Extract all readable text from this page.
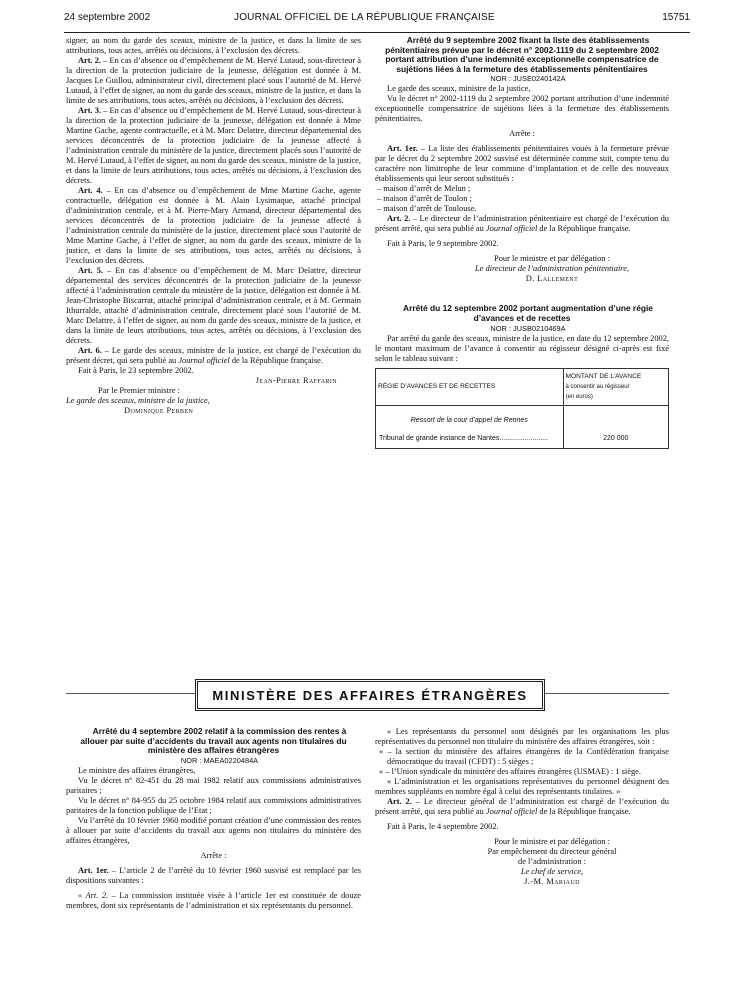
24 septembre 2002	JOURNAL OFFICIEL DE LA RÉPUBLIQUE FRANÇAISE	15751

signer, au nom du garde des sceaux, ministre de la justice, et dans la limite de ses attributions, tous actes, arrêtés ou décisions, à l’exclusion des décrets.

Art. 2. – En cas d’absence ou d’empêchement de M. Hervé Lutaud, sous-directeur à la direction de la protection judiciaire de la jeunesse, délégation est donnée à M. Jacques Le Guillou, administrateur civil, directement placé sous l’autorité de M. Hervé Lutaud, à l’effet de signer, au nom du garde des sceaux, ministre de la justice, et dans la limite de ses attributions, tous actes, arrêtés ou décisions, à l’exclusion des décrets.

Art. 3. – En cas d’absence ou d’empêchement de M. Hervé Lutaud, sous-directeur à la direction de la protection judiciaire de la jeunesse, délégation est donnée à Mme Martine Gache, agente contractuelle, et à M. Marc Delattre, directeur départemental des services déconcentrés de la protection judiciaire de la jeunesse affecté à l’administration centrale du ministère de la justice, directement placés sous l’autorité de M. Hervé Lutaud, à l’effet de signer, au nom du garde des sceaux, ministre de la justice, et dans la limite de leurs attributions, tous actes, arrêtés ou décisions, à l’exclusion des décrets.

Art. 4. – En cas d’absence ou d’empêchement de Mme Martine Gache, agente contractuelle, délégation est donnée à M. Alain Lysimaque, attaché principal d’administration centrale, et à M. Pierre-Mary Armand, directeur départemental des services déconcentrés de la protection judiciaire de la jeunesse affecté à l’administration centrale du ministère de la justice, directement placé sous l’autorité de Mme Martine Gache, à l’effet de signer, au nom du garde des sceaux, ministre de la justice, et dans la limite de ses attributions, tous actes, arrêtés ou décisions, à l’exclusion des décrets.

Art. 5. – En cas d’absence ou d’empêchement de M. Marc Delattre, directeur départemental des services déconcentrés de la protection judiciaire de la jeunesse affecté à l’administration centrale du ministère de la justice, délégation est donnée à M. Jean-Christophe Biscarrat, attaché principal d’administration centrale, et à M. Germain Ithurralde, attaché d’administration centrale, directement placé sous l’autorité de M. Marc Delattre, à l’effet de signer, au nom du garde des sceaux, ministre de la justice, et dans la limite de leurs attributions, tous actes, arrêtés ou décisions, à l’exclusion des décrets.

Art. 6. – Le garde des sceaux, ministre de la justice, est chargé de l’exécution du présent décret, qui sera publié au Journal officiel de la République française.

Fait à Paris, le 23 septembre 2002.

Jean-Pierre Raffarin

Par le Premier ministre :

Le garde des sceaux, ministre de la justice,

Dominique Perben

Arrêté du 9 septembre 2002 fixant la liste des établissements pénitentiaires prévue par le décret n° 2002-1119 du 2 septembre 2002 portant attribution d’une indemnité exceptionnelle compensatrice de sujétions liées à la fermeture des établissements pénitentiaires

NOR : JUSE0240142A

Le garde des sceaux, ministre de la justice,

Vu le décret n° 2002-1119 du 2 septembre 2002 portant attribution d’une indemnité exceptionnelle compensatrice de sujétions liées à la fermeture des établissements pénitentiaires,

Arrête :

Art. 1er. – La liste des établissements pénitentiaires voués à la fermeture prévue par le décret du 2 septembre 2002 susvisé est déterminée comme suit, compte tenu du caractère non limitrophe de leur commune d’implantation et de celle des nouveaux établissements qui leur seront substitués :

– maison d’arrêt de Melun ;

– maison d’arrêt de Toulon ;

– maison d’arrêt de Toulouse.

Art. 2. – Le directeur de l’administration pénitentiaire est chargé de l’exécution du présent arrêté, qui sera publié au Journal officiel de la République française.

Fait à Paris, le 9 septembre 2002.

Pour le ministre et par délégation :

Le directeur de l’administration pénitentiaire,

D. Lallement

Arrêté du 12 septembre 2002 portant augmentation d’une régie d’avances et de recettes

NOR : JUSB0210469A

Par arrêté du garde des sceaux, ministre de la justice, en date du 12 septembre 2002, le montant maximum de l’avance à consentir au régisseur désigné ci-après est fixé selon le tableau suivant :

RÉGIE D’AVANCES ET DE RECETTES	MONTANT DE L’AVANCE
à consentir au régisseur
(en euros)

Ressort de la cour d’appel de Rennes	
Tribunal de grande instance de Nantes.........................	220 000
MINISTÈRE DES AFFAIRES ÉTRANGÈRES

Arrêté du 4 septembre 2002 relatif à la commission des rentes à allouer par suite d’accidents du travail aux agents non titulaires du ministère des affaires étrangères

NOR : MAEA0220484A

Le ministre des affaires étrangères,

Vu le décret n° 82-451 du 28 mai 1982 relatif aux commissions administratives paritaires ;

Vu le décret n° 84-955 du 25 octobre 1984 relatif aux commissions administratives paritaires de la fonction publique de l’Etat ;

Vu l’arrêté du 10 février 1960 modifié portant création d’une commission des rentes à allouer par suite d’accidents du travail aux agents non titulaires du ministère des affaires étrangères,

Arrête :

Art. 1er. – L’article 2 de l’arrêté du 10 février 1960 susvisé est remplacé par les dispositions suivantes :

« Art. 2. – La commission instituée visée à l’article 1er est constituée de douze membres, dont six représentants de l’administration et six représentants du personnel.

« Les représentants du personnel sont désignés par les organisations les plus représentatives du personnel non titulaire du ministère des affaires étrangères, soit :

« – la section du ministère des affaires étrangères de la Confédération française démocratique du travail (CFDT) : 5 sièges ;

« – l’Union syndicale du ministère des affaires étrangères (USMAE) : 1 siège.

« L’administration et les organisations représentatives du personnel désignent des membres suppléants en nombre égal à celui des représentants titulaires. »

Art. 2. – Le directeur général de l’administration est chargé de l’exécution du présent arrêté, qui sera publié au Journal officiel de la République française.

Fait à Paris, le 4 septembre 2002.

Pour le ministre et par délégation :

Par empêchement du directeur général

de l’administration :

Le chef de service,

J.-M. Mariaud
